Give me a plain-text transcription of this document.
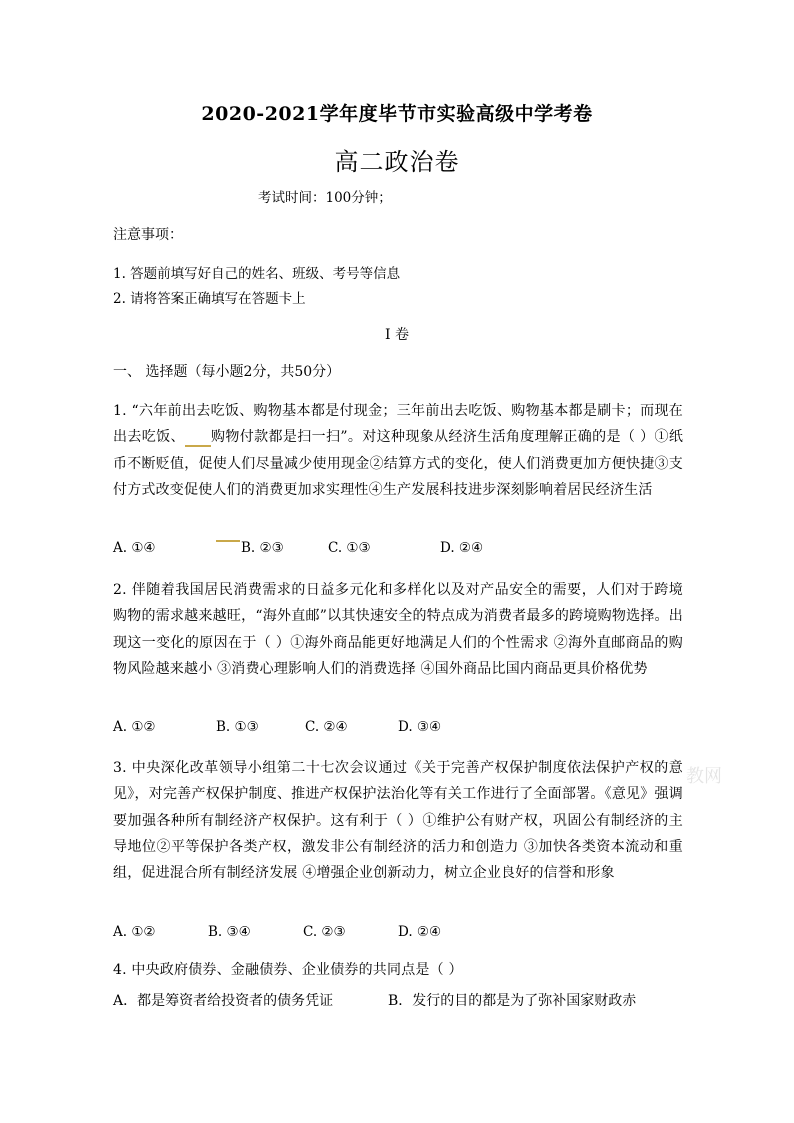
2020-2021学年度毕节市实验高级中学考卷
高二政治卷
考试时间：100分钟；
注意事项：
1. 答题前填写好自己的姓名、班级、考号等信息
2. 请将答案正确填写在答题卡上
I 卷
一、 选择题（每小题2分，共50分）
1. “六年前出去吃饭、购物基本都是付现金；三年前出去吃饭、购物基本都是刷卡；而现在出去吃饭、 购物付款都是扫一扫”。对这种现象从经济生活角度理解正确的是（ ）①纸币不断贬值，促使人们尽量减少使用现金②结算方式的变化，使人们消费更加方便快捷③支付方式改变促使人们的消费更加求实理性④生产发展科技进步深刻影响着居民经济生活
A. ①④	B. ②③	C. ①③	D. ②④
2. 伴随着我国居民消费需求的日益多元化和多样化以及对产品安全的需要，人们对于跨境购物的需求越来越旺，“海外直邮”以其快速安全的特点成为消费者最多的跨境购物选择。出现这一变化的原因在于（ ）①海外商品能更好地满足人们的个性需求 ②海外直邮商品的购物风险越来越小 ③消费心理影响人们的消费选择 ④国外商品比国内商品更具价格优势
A. ①②	B. ①③	C. ②④	D. ③④
3. 中央深化改革领导小组第二十七次会议通过《关于完善产权保护制度依法保护产权的意见》，对完善产权保护制度、推进产权保护法治化等有关工作进行了全面部署。《意见》强调要加强各种所有制经济产权保护。这有利于（ ）①维护公有财产权，巩固公有制经济的主导地位②平等保护各类产权，激发非公有制经济的活力和创造力 ③加快各类资本流动和重组，促进混合所有制经济发展 ④增强企业创新动力，树立企业良好的信誉和形象
A. ①②	B. ③④	C. ②③	D. ②④
4. 中央政府债券、金融债券、企业债券的共同点是（ ）
A．都是筹资者给投资者的债务凭证	B．发行的目的都是为了弥补国家财政赤
教网
